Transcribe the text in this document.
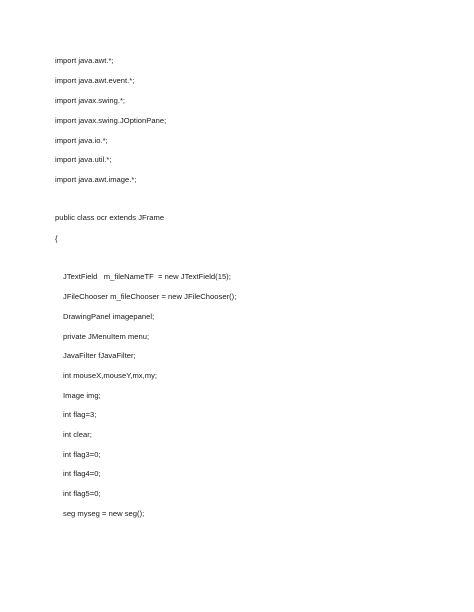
import java.awt.*;
import java.awt.event.*;
import javax.swing.*;
import javax.swing.JOptionPane;
import java.io.*;
import java.util.*;
import java.awt.image.*;
public class ocr extends JFrame
{
JTextField   m_fileNameTF  = new JTextField(15);
JFileChooser m_fileChooser = new JFileChooser();
DrawingPanel imagepanel;
private JMenuItem menu;
JavaFilter fJavaFilter;
int mouseX,mouseY,mx,my;
Image img;
int flag=3;
int clear;
int flag3=0;
int flag4=0;
int flag5=0;
seg myseg = new seg();
